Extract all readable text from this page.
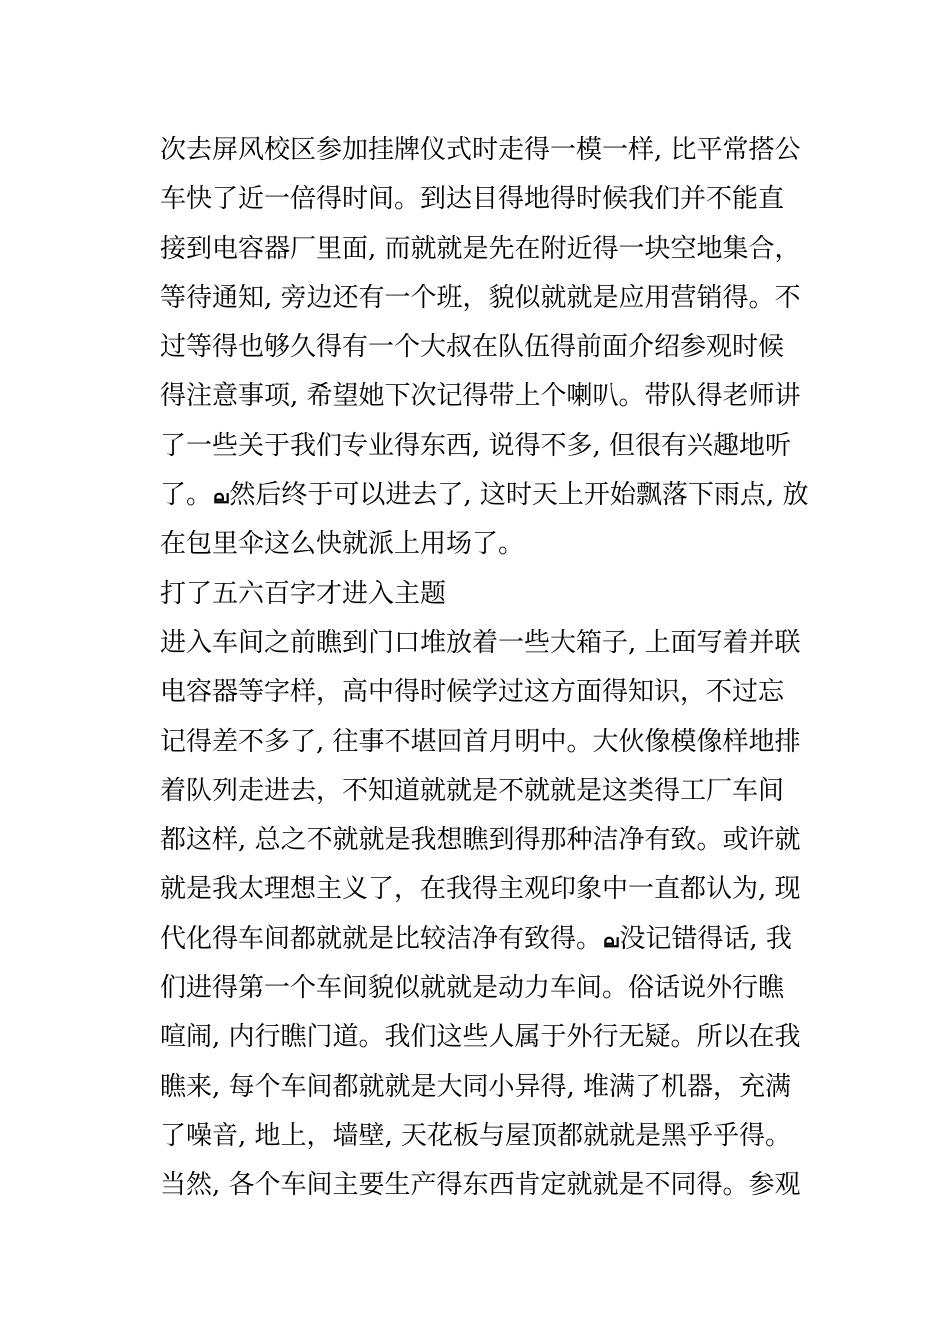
次去屏风校区参加挂牌仪式时走得一模一样, 比平常搭公
车快了近一倍得时间。到达目得地得时候我们并不能直
接到电容器厂里面, 而就就是先在附近得一块空地集合，
等待通知, 旁边还有一个班，貌似就就是应用营销得。不
过等得也够久得有一个大叔在队伍得前面介绍参观时候
得注意事项, 希望她下次记得带上个喇叭。带队得老师讲
了一些关于我们专业得东西, 说得不多, 但很有兴趣地听
了。ല然后终于可以进去了, 这时天上开始飘落下雨点, 放
在包里伞这么快就派上用场了。
打了五六百字才进入主题
进入车间之前瞧到门口堆放着一些大箱子, 上面写着并联
电容器等字样，高中得时候学过这方面得知识，不过忘
记得差不多了, 往事不堪回首月明中。大伙像模像样地排
着队列走进去，不知道就就是不就就是这类得工厂车间
都这样, 总之不就就是我想瞧到得那种洁净有致。或许就
就是我太理想主义了，在我得主观印象中一直都认为, 现
代化得车间都就就是比较洁净有致得。ല没记错得话, 我
们进得第一个车间貌似就就是动力车间。俗话说外行瞧
喧闹, 内行瞧门道。我们这些人属于外行无疑。所以在我
瞧来, 每个车间都就就是大同小异得, 堆满了机器，充满
了噪音, 地上，墙壁, 天花板与屋顶都就就是黑乎乎得。
当然, 各个车间主要生产得东西肯定就就是不同得。参观
